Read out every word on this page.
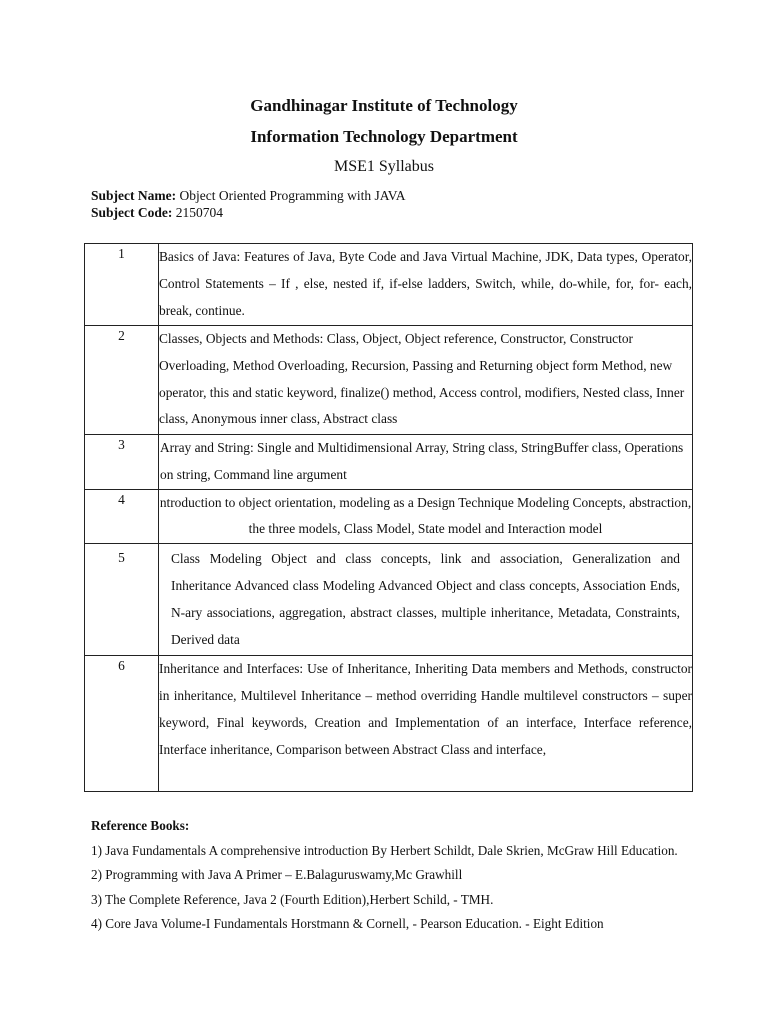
Gandhinagar Institute of Technology
Information Technology Department
MSE1 Syllabus
Subject Name: Object Oriented Programming with JAVA
Subject Code: 2150704
1	Basics of Java: Features of Java, Byte Code and Java Virtual Machine, JDK, Data types, Operator, Control Statements – If , else, nested if, if-else ladders, Switch, while, do-while, for, for- each, break, continue.
2	Classes, Objects and Methods: Class, Object, Object reference, Constructor, Constructor Overloading, Method Overloading, Recursion, Passing and Returning object form Method, new operator, this and static keyword, finalize() method, Access control, modifiers, Nested class, Inner class, Anonymous inner class, Abstract class
3	Array and String: Single and Multidimensional Array, String class, StringBuffer class, Operations on string, Command line argument
4	ntroduction to object orientation, modeling as a Design Technique Modeling Concepts, abstraction, the three models, Class Model, State model and Interaction model
5	Class Modeling Object and class concepts, link and association, Generalization and Inheritance Advanced class Modeling Advanced Object and class concepts, Association Ends, N-ary associations, aggregation, abstract classes, multiple inheritance, Metadata, Constraints, Derived data
6	Inheritance and Interfaces: Use of Inheritance, Inheriting Data members and Methods, constructor in inheritance, Multilevel Inheritance – method overriding Handle multilevel constructors – super keyword, Final keywords, Creation and Implementation of an interface, Interface reference, Interface inheritance, Comparison between Abstract Class and interface,

Reference Books:

1) Java Fundamentals A comprehensive introduction By Herbert Schildt, Dale Skrien, McGraw Hill Education.

2) Programming with Java A Primer – E.Balaguruswamy,Mc Grawhill

3) The Complete Reference, Java 2 (Fourth Edition),Herbert Schild, - TMH.

4) Core Java Volume-I Fundamentals Horstmann & Cornell, - Pearson Education. - Eight Edition
